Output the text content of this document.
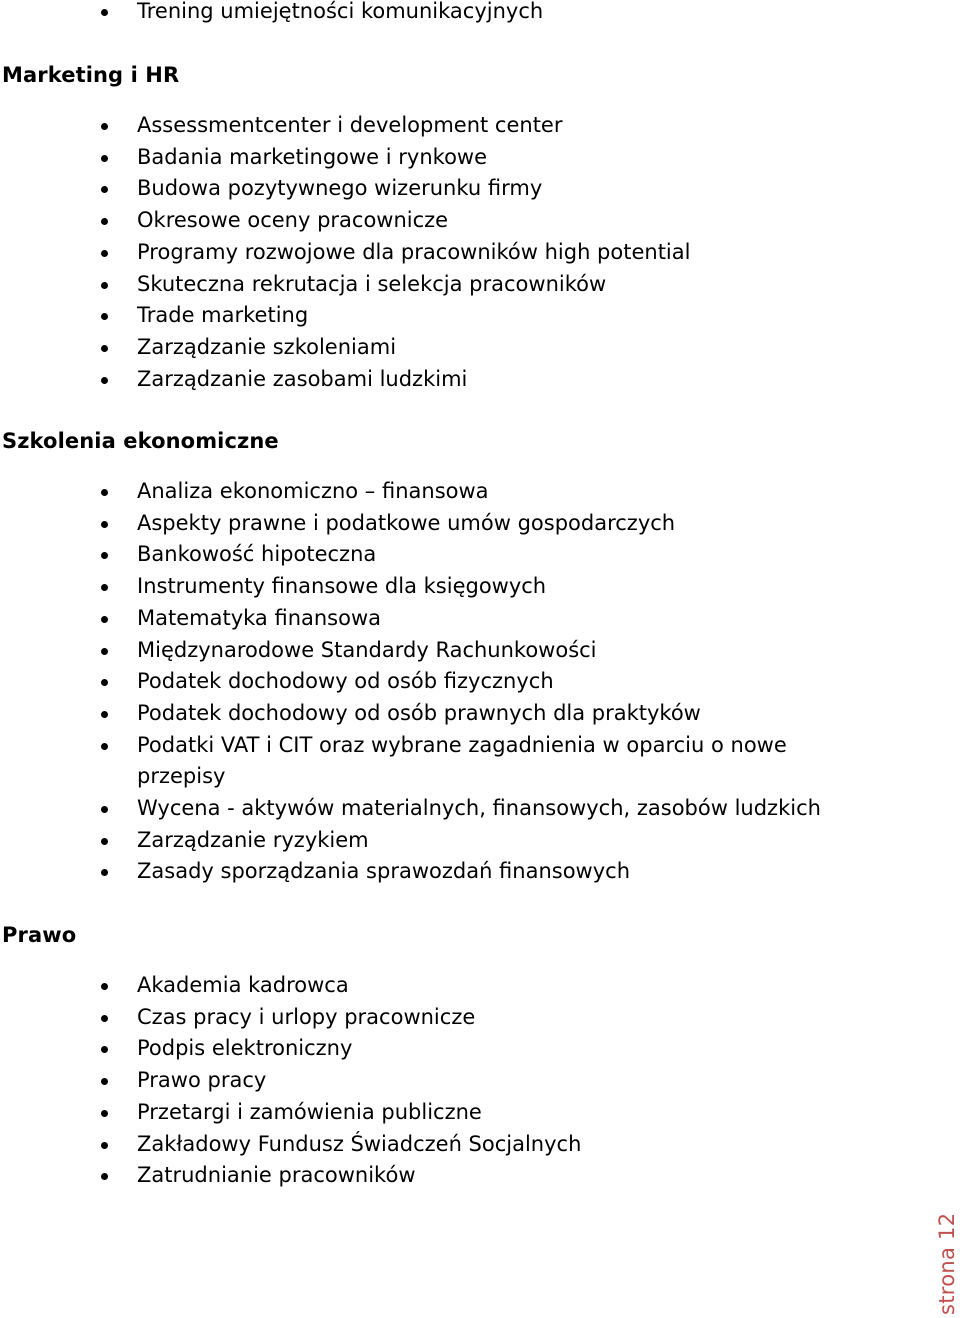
Trening umiejętności komunikacyjnych
Marketing i HR
Assessmentcenter i development center
Badania marketingowe i rynkowe
Budowa pozytywnego wizerunku firmy
Okresowe oceny pracownicze
Programy rozwojowe dla pracowników high potential
Skuteczna rekrutacja i selekcja pracowników
Trade marketing
Zarządzanie szkoleniami
Zarządzanie zasobami ludzkimi
Szkolenia ekonomiczne
Analiza ekonomiczno – finansowa
Aspekty prawne i podatkowe umów gospodarczych
Bankowość hipoteczna
Instrumenty finansowe dla księgowych
Matematyka finansowa
Międzynarodowe Standardy Rachunkowości
Podatek dochodowy od osób fizycznych
Podatek dochodowy od osób prawnych dla praktyków
Podatki VAT i CIT oraz wybrane zagadnienia w oparciu o nowe przepisy
Wycena - aktywów materialnych, finansowych, zasobów ludzkich
Zarządzanie ryzykiem
Zasady sporządzania sprawozdań finansowych
Prawo
Akademia kadrowca
Czas pracy i urlopy pracownicze
Podpis elektroniczny
Prawo pracy
Przetargi i zamówienia publiczne
Zakładowy Fundusz Świadczeń Socjalnych
Zatrudnianie pracowników
strona 12
